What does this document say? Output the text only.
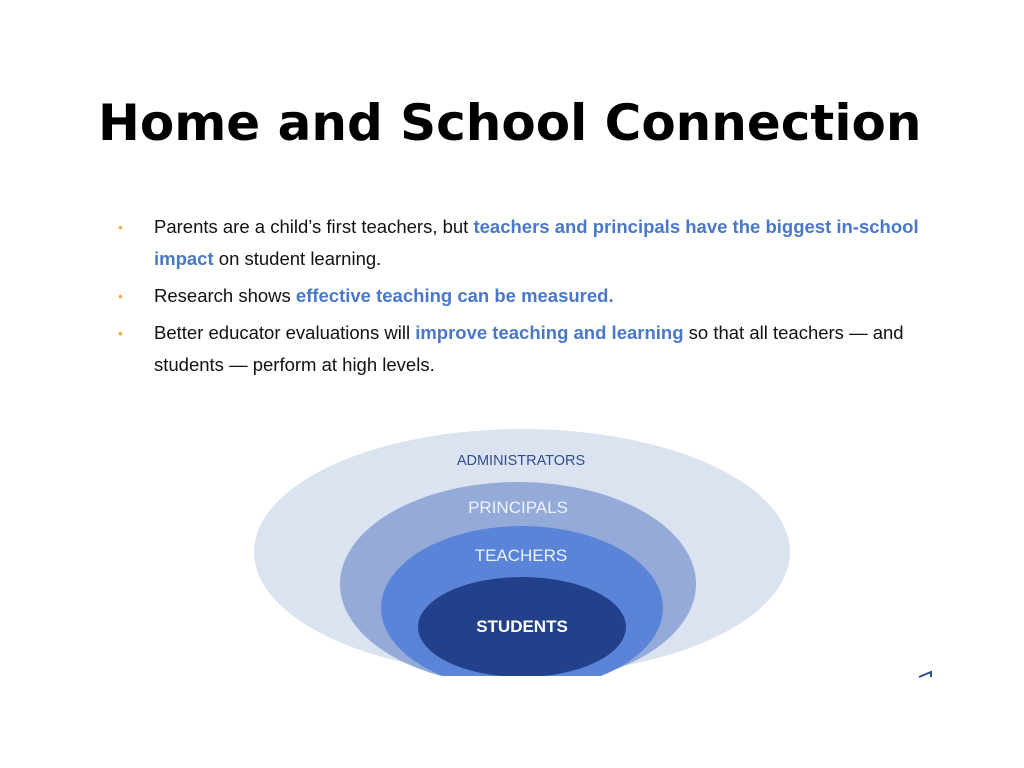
Home and School Connection
• Parents are a child’s first teachers, but teachers and principals have the biggest in-school impact on student learning.
• Research shows effective teaching can be measured.
• Better educator evaluations will improve teaching and learning so that all teachers — and students — perform at high levels.
ADMINISTRATORS
PRINCIPALS
TEACHERS
STUDENTS
